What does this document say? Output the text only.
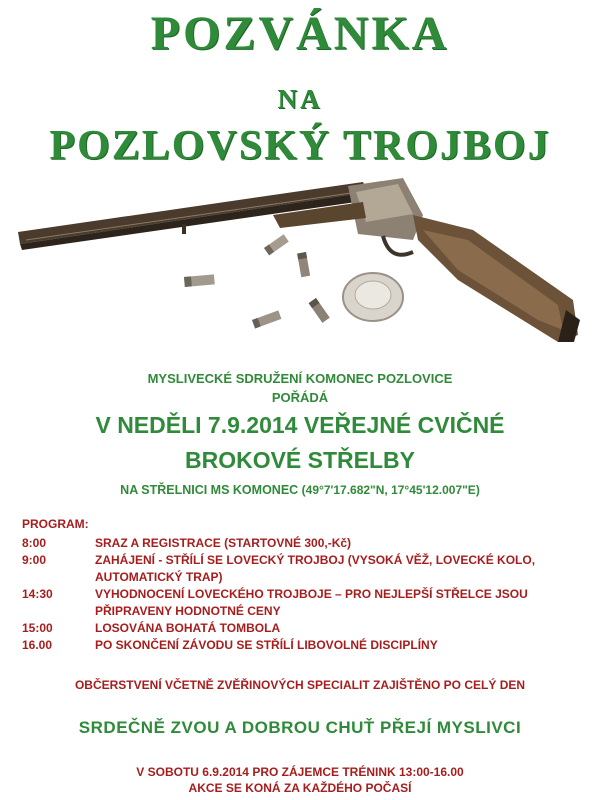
POZVÁNKA
NA
POZLOVSKÝ TROJBOJ
MYSLIVECKÉ SDRUŽENÍ KOMONEC POZLOVICE
POŘÁDÁ
V NEDĚLI 7.9.2014 VEŘEJNÉ CVIČNÉ
BROKOVÉ STŘELBY
NA STŘELNICI MS KOMONEC (49°7'17.682"N, 17°45'12.007"E)
PROGRAM:
8:00	SRAZ A REGISTRACE (STARTOVNÉ 300,-Kč)
9:00	ZAHÁJENÍ - STŘÍLÍ SE LOVECKÝ TROJBOJ (VYSOKÁ VĚŽ, LOVECKÉ KOLO, AUTOMATICKÝ TRAP)
14:30	VYHODNOCENÍ LOVECKÉHO TROJBOJE – PRO NEJLEPŠÍ STŘELCE JSOU PŘIPRAVENY HODNOTNÉ CENY
15:00	LOSOVÁNA BOHATÁ TOMBOLA
16.00	PO SKONČENÍ ZÁVODU SE STŘÍLÍ LIBOVOLNÉ DISCIPLÍNY
OBČERSTVENÍ VČETNĚ ZVĚŘINOVÝCH SPECIALIT ZAJIŠTĚNO PO CELÝ DEN
SRDEČNĚ ZVOU A DOBROU CHUŤ PŘEJÍ MYSLIVCI
V SOBOTU 6.9.2014 PRO ZÁJEMCE TRÉNINK 13:00-16.00
AKCE SE KONÁ ZA KAŽDÉHO POČASÍ
